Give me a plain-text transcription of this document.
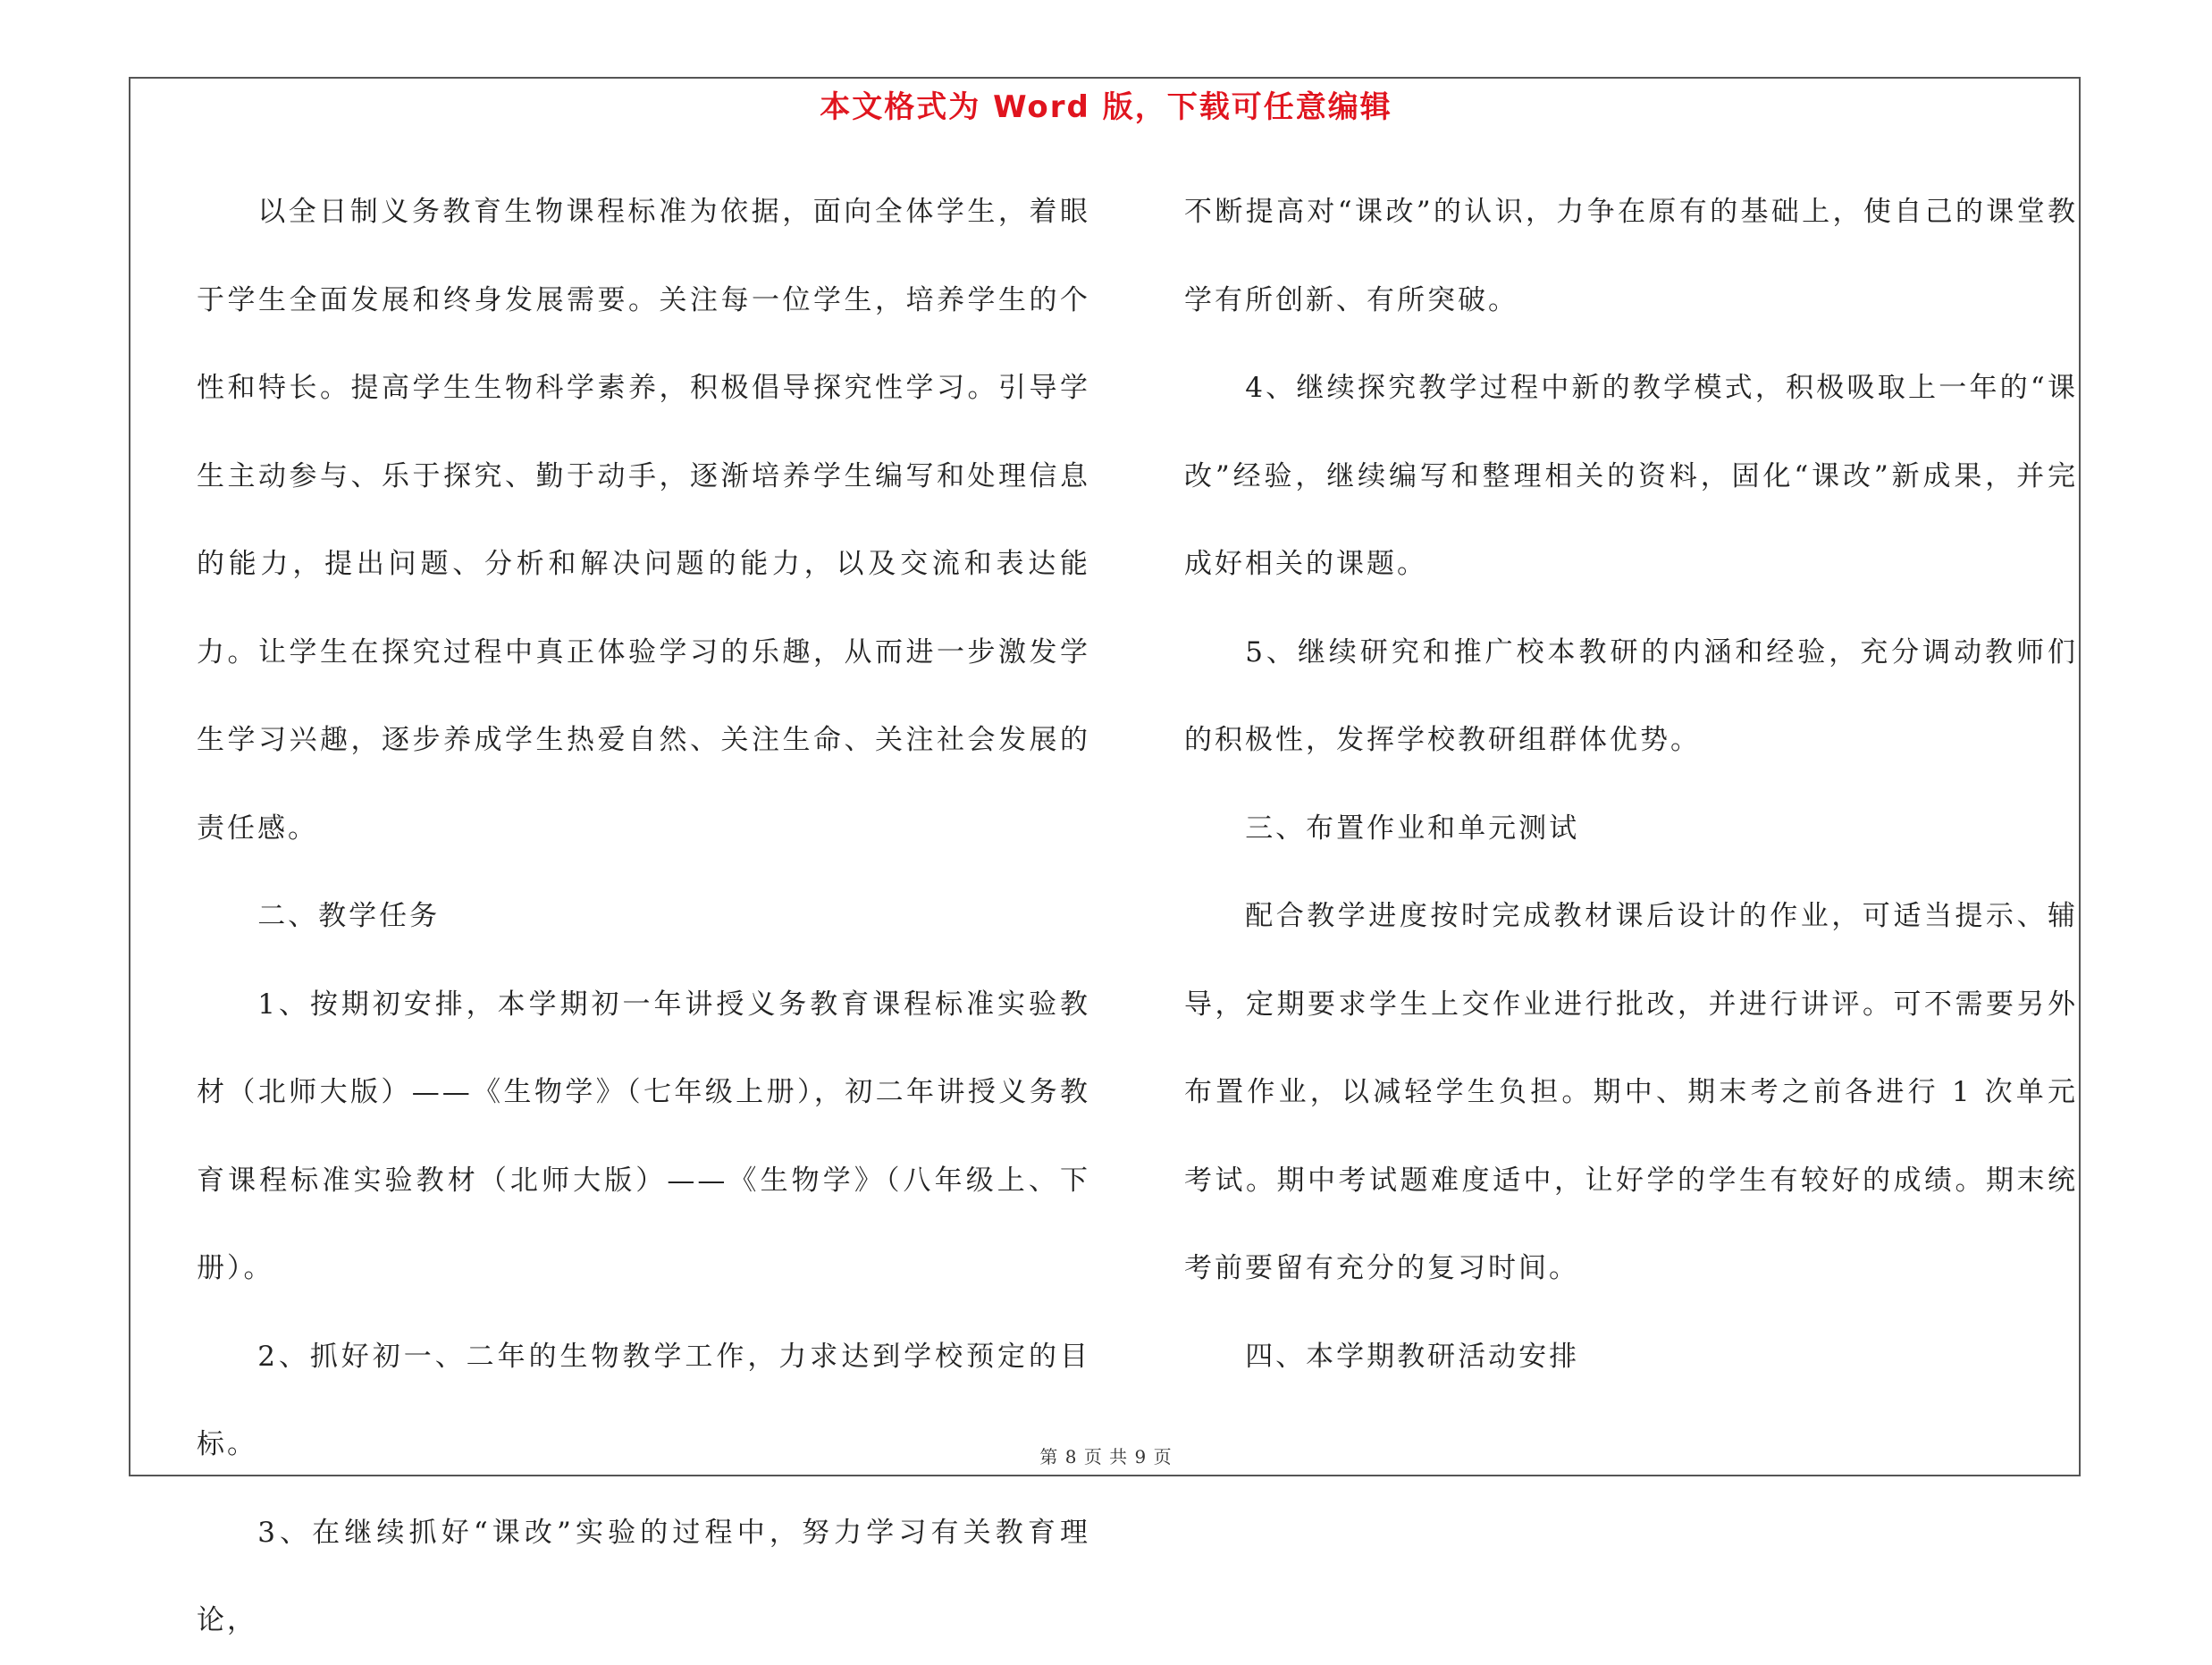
本文格式为 Word 版，下载可任意编辑

以全日制义务教育生物课程标准为依据，面向全体学生，着眼于学生全面发展和终身发展需要。关注每一位学生，培养学生的个性和特长。提高学生生物科学素养，积极倡导探究性学习。引导学生主动参与、乐于探究、勤于动手，逐渐培养学生编写和处理信息的能力，提出问题、分析和解决问题的能力，以及交流和表达能力。让学生在探究过程中真正体验学习的乐趣，从而进一步激发学生学习兴趣，逐步养成学生热爱自然、关注生命、关注社会发展的责任感。

二、教学任务

1、按期初安排，本学期初一年讲授义务教育课程标准实验教材（北师大版）——《生物学》（七年级上册），初二年讲授义务教育课程标准实验教材（北师大版）——《生物学》（八年级上、下册）。

2、抓好初一、二年的生物教学工作，力求达到学校预定的目标。

3、在继续抓好“课改”实验的过程中，努力学习有关教育理论，

不断提高对“课改”的认识，力争在原有的基础上，使自己的课堂教学有所创新、有所突破。

4、继续探究教学过程中新的教学模式，积极吸取上一年的“课改”经验，继续编写和整理相关的资料，固化“课改”新成果，并完成好相关的课题。

5、继续研究和推广校本教研的内涵和经验，充分调动教师们的积极性，发挥学校教研组群体优势。

三、布置作业和单元测试

配合教学进度按时完成教材课后设计的作业，可适当提示、辅导，定期要求学生上交作业进行批改，并进行讲评。可不需要另外布置作业，以减轻学生负担。期中、期末考之前各进行 1 次单元考试。期中考试题难度适中，让好学的学生有较好的成绩。期末统考前要留有充分的复习时间。

四、本学期教研活动安排

第 8 页 共 9 页
